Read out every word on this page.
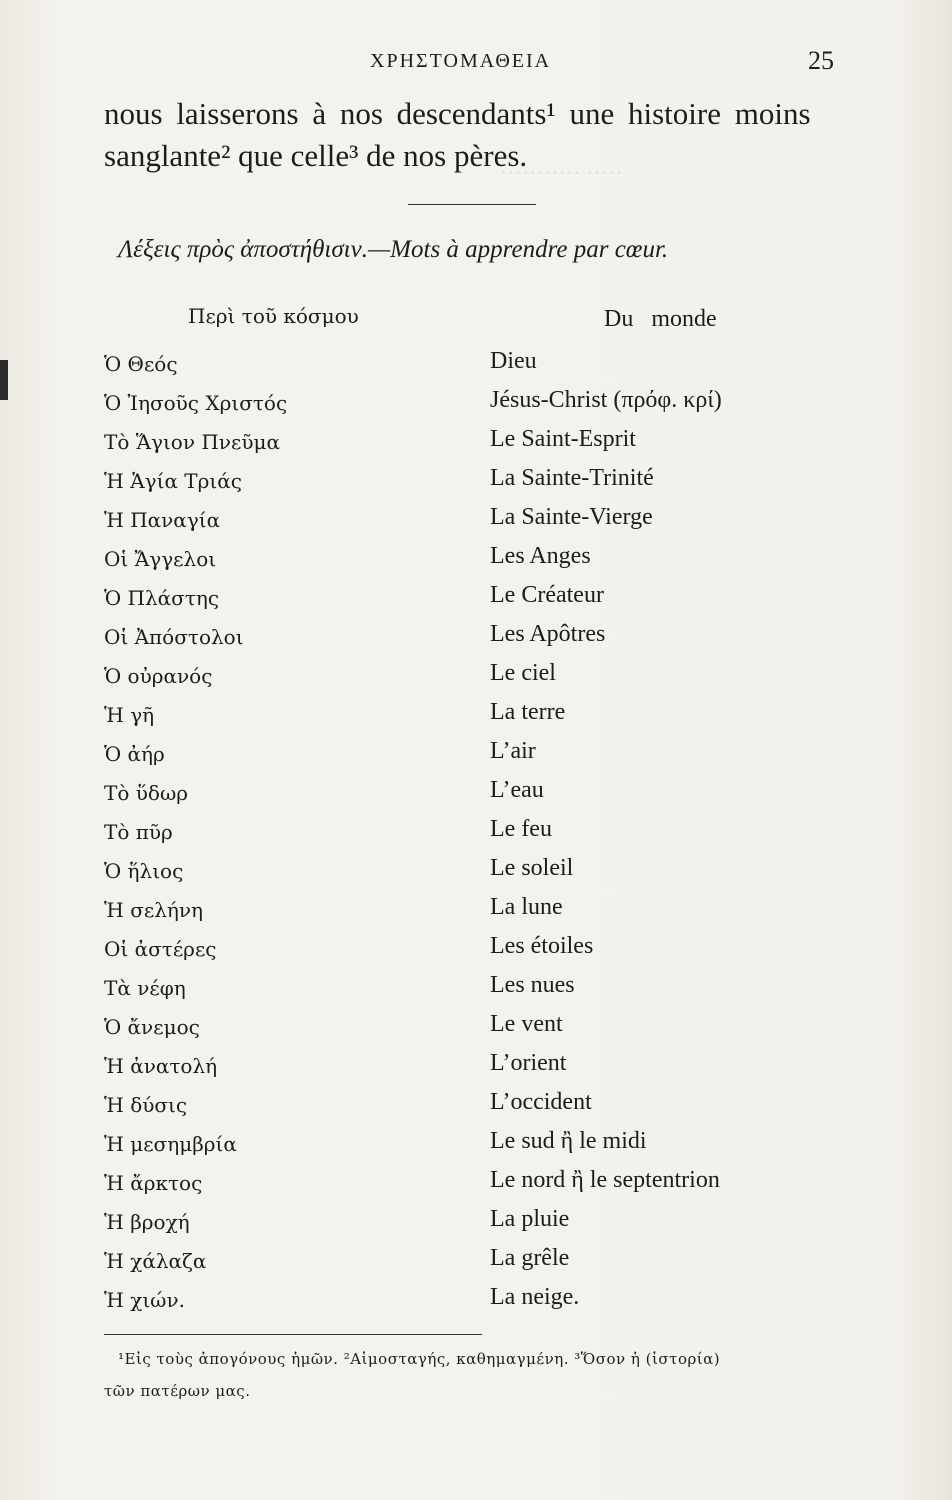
··········· ·····
ΧΡΗΣΤΟΜΑΘΕΙΑ	25
nous laisserons à nos descendants¹ une histoire moins
sanglante² que celle³ de nos pères.
Λέξεις πρὸς ἀποστήθισιν.—Mots à apprendre par cœur.
Περὶ τοῦ κόσμου	Du monde
Ὁ Θεός	Dieu
Ὁ Ἰησοῦς Χριστός	Jésus-Christ (πρόφ. κρί)
Τὸ Ἅγιον Πνεῦμα	Le Saint-Esprit
Ἡ Ἁγία Τριάς	La Sainte-Trinité
Ἡ Παναγία	La Sainte-Vierge
Οἱ Ἄγγελοι	Les Anges
Ὁ Πλάστης	Le Créateur
Οἱ Ἀπόστολοι	Les Apôtres
Ὁ οὐρανός	Le ciel
Ἡ γῆ	La terre
Ὁ ἀήρ	L’air
Τὸ ὕδωρ	L’eau
Τὸ πῦρ	Le feu
Ὁ ἥλιος	Le soleil
Ἡ σελήνη	La lune
Οἱ ἀστέρες	Les étoiles
Τὰ νέφη	Les nues
Ὁ ἄνεμος	Le vent
Ἡ ἀνατολή	L’orient
Ἡ δύσις	L’occident
Ἡ μεσημβρία	Le sud ἢ le midi
Ἡ ἄρκτος	Le nord ἢ le septentrion
Ἡ βροχή	La pluie
Ἡ χάλαζα	La grêle
Ἡ χιών.	La neige.
¹Εἰς τοὺς ἀπογόνους ἡμῶν. ²Αἱμοσταγής, καθημαγμένη. ³Ὅσον ἡ (ἱστορία)
τῶν πατέρων μας.
